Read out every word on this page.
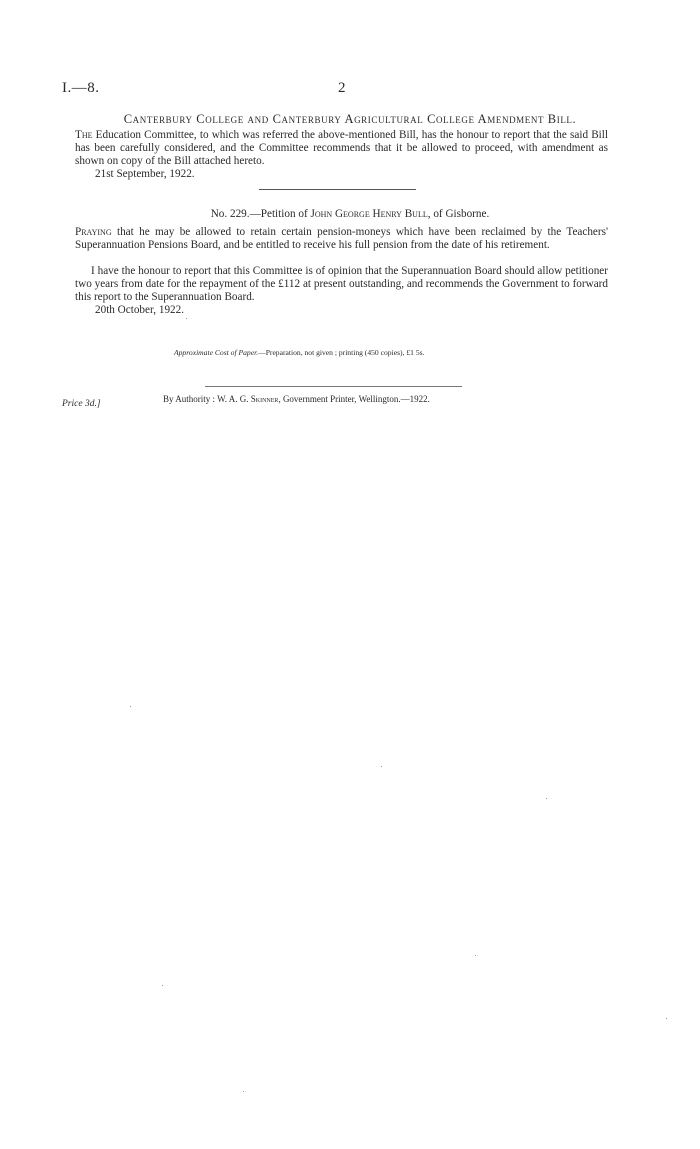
I.—8.	2
Canterbury College and Canterbury Agricultural College Amendment Bill.

The Education Committee, to which was referred the above-mentioned Bill, has the honour to report that the said Bill has been carefully considered, and the Committee recommends that it be allowed to proceed, with amendment as shown on copy of the Bill attached hereto.

21st September, 1922.
No. 229.—Petition of John George Henry Bull, of Gisborne.

Praying that he may be allowed to retain certain pension-moneys which have been reclaimed by the Teachers' Superannuation Pensions Board, and be entitled to receive his full pension from the date of his retirement.

I have the honour to report that this Committee is of opinion that the Superannuation Board should allow petitioner two years from date for the repayment of the £112 at present outstanding, and recommends the Government to forward this report to the Superannuation Board.

20th October, 1922.
Approximate Cost of Paper.—Preparation, not given ; printing (450 copies), £1 5s.
By Authority : W. A. G. Skinner, Government Printer, Wellington.—1922.
Price 3d.]
